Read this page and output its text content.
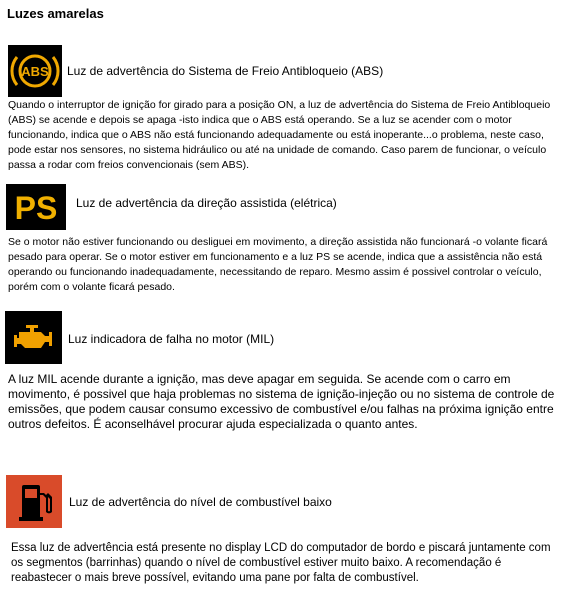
Luzes amarelas
ABS Luz de advertência do Sistema de Freio Antibloqueio (ABS)
Quando o interruptor de ignição for girado para a posição ON, a luz de advertência do Sistema de Freio Antibloqueio (ABS) se acende e depois se apaga -isto indica que o ABS está operando. Se a luz se acender com o motor funcionando, indica que o ABS não está funcionando adequadamente ou está inoperante...o problema, neste caso, pode estar nos sensores, no sistema hidráulico ou até na unidade de comando. Caso parem de funcionar, o veículo passa a rodar com freios convencionais (sem ABS).
PS Luz de advertência da direção assistida (elétrica)
Se o motor não estiver funcionando ou desliguei em movimento, a direção assistida não funcionará -o volante ficará pesado para operar. Se o motor estiver em funcionamento e a luz PS se acende, indica que a assistência não está operando ou funcionando inadequadamente, necessitando de reparo. Mesmo assim é possivel controlar o veículo, porém com o volante ficará pesado.
Luz indicadora de falha no motor (MIL)
A luz MIL acende durante a ignição, mas deve apagar em seguida. Se acende com o carro em movimento, é possivel que haja problemas no sistema de ignição-injeção ou no sistema de controle de emissões, que podem causar consumo excessivo de combustível e/ou falhas na próxima ignição entre outros defeitos. É aconselhável procurar ajuda especializada o quanto antes.
Luz de advertência do nível de combustível baixo
Essa luz de advertência está presente no display LCD do computador de bordo e piscará juntamente com os segmentos (barrinhas) quando o nível de combustível estiver muito baixo. A recomendação é reabastecer o mais breve possível, evitando uma pane por falta de combustível.
